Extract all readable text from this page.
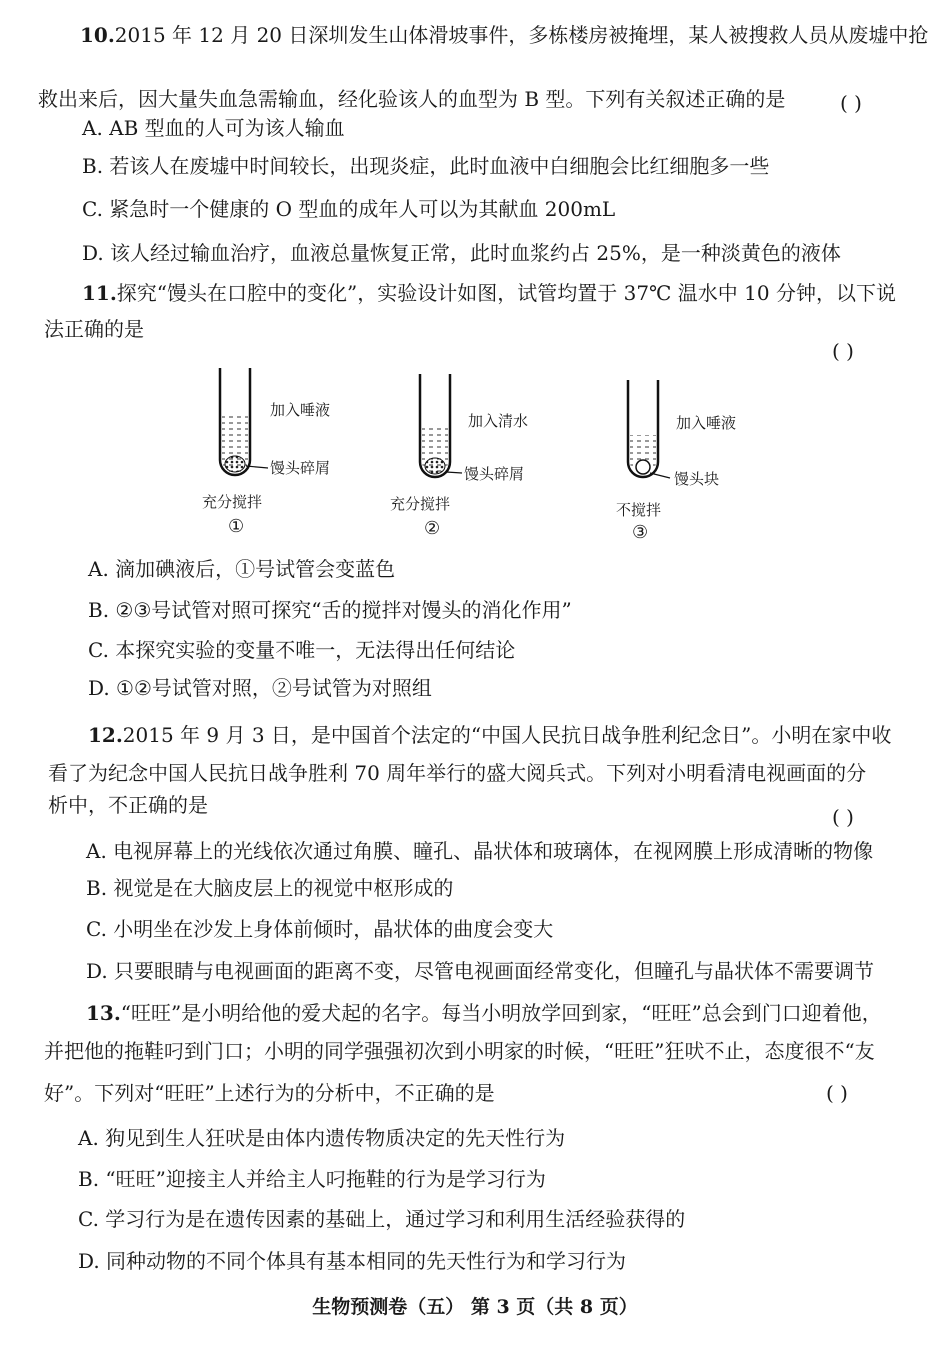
10.2015 年 12 月 20 日深圳发生山体滑坡事件，多栋楼房被掩埋，某人被搜救人员从废墟中抢
救出来后，因大量失血急需输血，经化验该人的血型为 B 型。下列有关叙述正确的是	( )
A. AB 型血的人可为该人输血
B. 若该人在废墟中时间较长，出现炎症，此时血液中白细胞会比红细胞多一些
C. 紧急时一个健康的 O 型血的成年人可以为其献血 200mL
D. 该人经过输血治疗，血液总量恢复正常，此时血浆约占 25%，是一种淡黄色的液体
11.探究“馒头在口腔中的变化”，实验设计如图，试管均置于 37℃ 温水中 10 分钟，以下说
法正确的是
( )
加入唾液
馒头碎屑
充分搅拌
①
加入清水
馒头碎屑
充分搅拌
②
加入唾液
馒头块
不搅拌
③
A. 滴加碘液后，①号试管会变蓝色
B. ②③号试管对照可探究“舌的搅拌对馒头的消化作用”
C. 本探究实验的变量不唯一，无法得出任何结论
D. ①②号试管对照，②号试管为对照组
12.2015 年 9 月 3 日，是中国首个法定的“中国人民抗日战争胜利纪念日”。小明在家中收
看了为纪念中国人民抗日战争胜利 70 周年举行的盛大阅兵式。下列对小明看清电视画面的分
析中，不正确的是	( )
A. 电视屏幕上的光线依次通过角膜、瞳孔、晶状体和玻璃体，在视网膜上形成清晰的物像
B. 视觉是在大脑皮层上的视觉中枢形成的
C. 小明坐在沙发上身体前倾时，晶状体的曲度会变大
D. 只要眼睛与电视画面的距离不变，尽管电视画面经常变化，但瞳孔与晶状体不需要调节
13.“旺旺”是小明给他的爱犬起的名字。每当小明放学回到家，“旺旺”总会到门口迎着他，
并把他的拖鞋叼到门口；小明的同学强强初次到小明家的时候，“旺旺”狂吠不止，态度很不“友
好”。下列对“旺旺”上述行为的分析中，不正确的是	( )
A. 狗见到生人狂吠是由体内遗传物质决定的先天性行为
B. “旺旺”迎接主人并给主人叼拖鞋的行为是学习行为
C. 学习行为是在遗传因素的基础上，通过学习和利用生活经验获得的
D. 同种动物的不同个体具有基本相同的先天性行为和学习行为
生物预测卷（五） 第 3 页（共 8 页）
